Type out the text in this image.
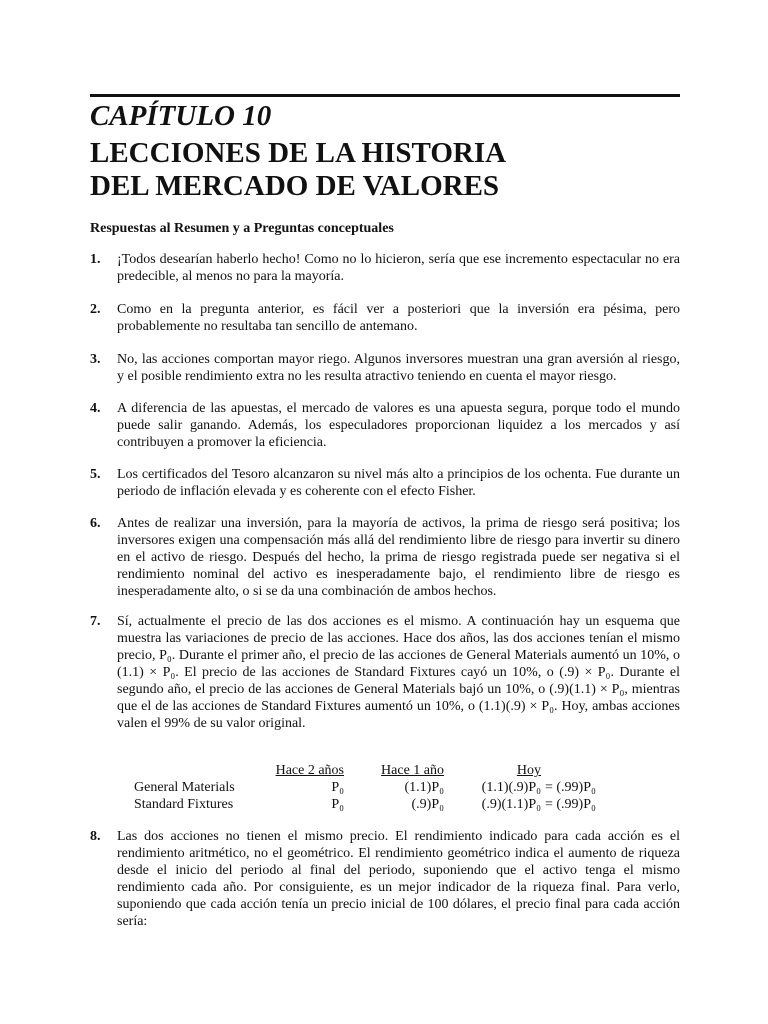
CAPÍTULO 10
LECCIONES DE LA HISTORIA
DEL MERCADO DE VALORES
Respuestas al Resumen y a Preguntas conceptuales
1. ¡Todos desearían haberlo hecho! Como no lo hicieron, sería que ese incremento espectacular no era predecible, al menos no para la mayoría.
2. Como en la pregunta anterior, es fácil ver a posteriori que la inversión era pésima, pero probablemente no resultaba tan sencillo de antemano.
3. No, las acciones comportan mayor riego. Algunos inversores muestran una gran aversión al riesgo, y el posible rendimiento extra no les resulta atractivo teniendo en cuenta el mayor riesgo.
4. A diferencia de las apuestas, el mercado de valores es una apuesta segura, porque todo el mundo puede salir ganando. Además, los especuladores proporcionan liquidez a los mercados y así contribuyen a promover la eficiencia.
5. Los certificados del Tesoro alcanzaron su nivel más alto a principios de los ochenta. Fue durante un periodo de inflación elevada y es coherente con el efecto Fisher.
6. Antes de realizar una inversión, para la mayoría de activos, la prima de riesgo será positiva; los inversores exigen una compensación más allá del rendimiento libre de riesgo para invertir su dinero en el activo de riesgo. Después del hecho, la prima de riesgo registrada puede ser negativa si el rendimiento nominal del activo es inesperadamente bajo, el rendimiento libre de riesgo es inesperadamente alto, o si se da una combinación de ambos hechos.
7. Sí, actualmente el precio de las dos acciones es el mismo. A continuación hay un esquema que muestra las variaciones de precio de las acciones. Hace dos años, las dos acciones tenían el mismo precio, P₀. Durante el primer año, el precio de las acciones de General Materials aumentó un 10%, o (1.1) × P₀. El precio de las acciones de Standard Fixtures cayó un 10%, o (.9) × P₀. Durante el segundo año, el precio de las acciones de General Materials bajó un 10%, o (.9)(1.1) × P₀, mientras que el de las acciones de Standard Fixtures aumentó un 10%, o (1.1)(.9) × P₀. Hoy, ambas acciones valen el 99% de su valor original.
	Hace 2 años	Hace 1 año	Hoy	
General Materials	P₀	(1.1)P₀	(1.1)(.9)P₀	= (.99)P₀
Standard Fixtures	P₀	(.9)P₀	(.9)(1.1)P₀	= (.99)P₀
8. Las dos acciones no tienen el mismo precio. El rendimiento indicado para cada acción es el rendimiento aritmético, no el geométrico. El rendimiento geométrico indica el aumento de riqueza desde el inicio del periodo al final del periodo, suponiendo que el activo tenga el mismo rendimiento cada año. Por consiguiente, es un mejor indicador de la riqueza final. Para verlo, suponiendo que cada acción tenía un precio inicial de 100 dólares, el precio final para cada acción sería:
